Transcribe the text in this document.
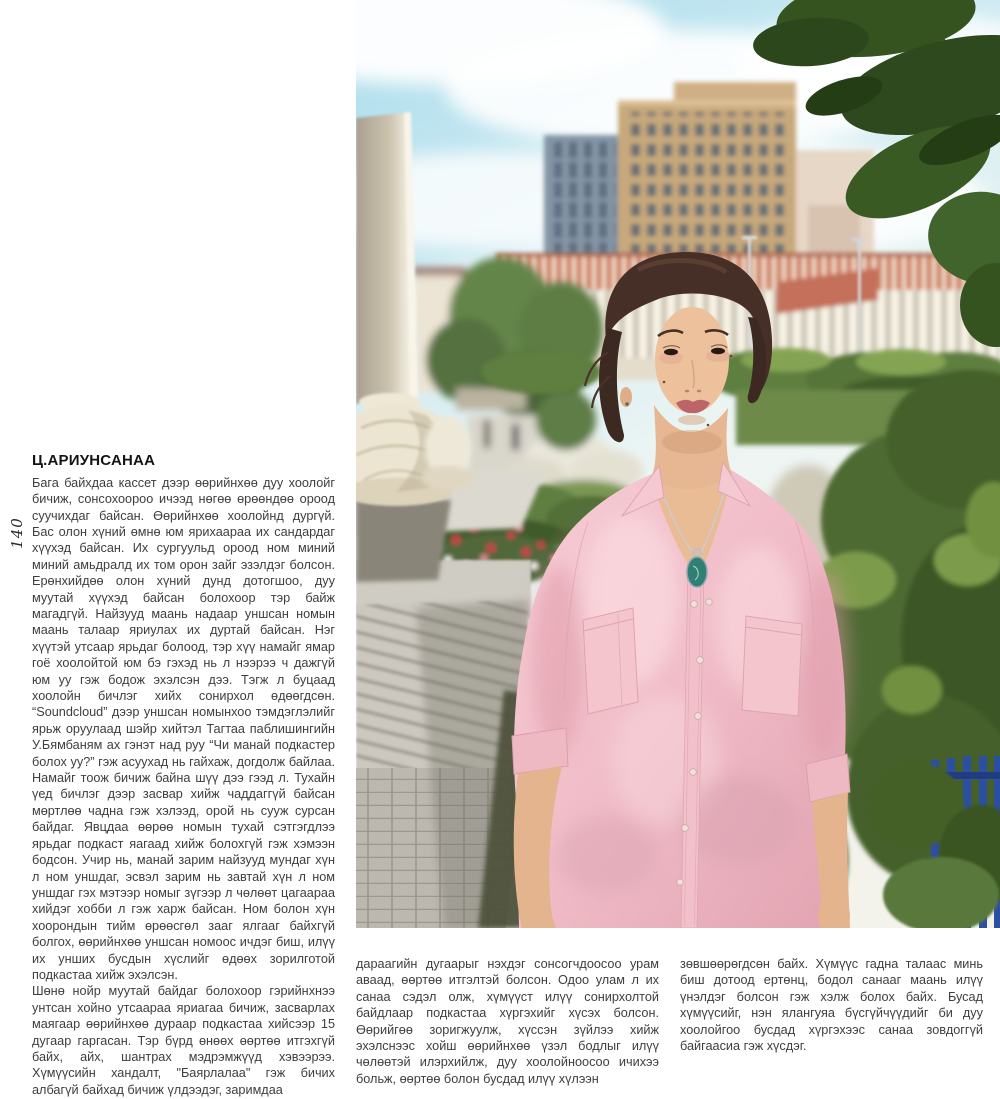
140
Ц.АРИУНСАНАА

Бага байхдаа кассет дээр өөрийнхөө дуу хоолойг бичиж, сонсохоороо ичээд нөгөө өрөөндөө ороод суучихдаг байсан. Өөрийнхөө хоолойнд дургүй. Бас олон хүний өмнө юм ярихаараа их сандардаг хүүхэд байсан. Их сургуульд ороод ном миний миний амьдралд их том орон зайг эзэлдэг болсон. Ерөнхийдөө олон хүний дунд дотогшоо, дуу муутай хүүхэд байсан болохоор тэр байж магадгүй. Найзууд маань надаар уншсан номын маань талаар яриулах их дуртай байсан. Нэг хүүтэй утсаар ярьдаг болоод, тэр хүү намайг ямар гоё хоолойтой юм бэ гэхэд нь л нээрээ ч дажгүй юм уу гэж бодож эхэлсэн дээ. Тэгж л буцаад хоолойн бичлэг хийх сонирхол өдөөгдсөн. “Soundcloud” дээр уншсан номынхоо тэмдэглэлийг ярьж оруулаад шэйр хийтэл Тагтаа паблишингийн У.Бямбаням ах гэнэт над руу “Чи манай подкастер болох уу?” гэж асуухад нь гайхаж, догдолж байлаа. Намайг тоож бичиж байна шүү дээ гээд л. Тухайн үед бичлэг дээр засвар хийж чаддаггүй байсан мөртлөө чадна гэж хэлээд, орой нь сууж сурсан байдаг. Явцдаа өөрөө номын тухай сэтгэгдлээ ярьдаг подкаст яагаад хийж болохгүй гэж хэмээн бодсон. Учир нь, манай зарим найзууд мундаг хүн л ном уншдаг, эсвэл зарим нь завтай хүн л ном уншдаг гэх мэтээр номыг зүгээр л чөлөөт цагаараа хийдэг хобби л гэж харж байсан. Ном болон хүн хоорондын тийм өрөөсгөл зааг ялгааг байхгүй болгох, өөрийнхөө уншсан номоос ичдэг биш, илүү их унших бусдын хүслийг өдөөх зорилготой подкастаа хийж эхэлсэн.

Шөнө нойр муутай байдаг болохоор гэрийнхнээ унтсан хойно утсаараа яриагаа бичиж, засварлах маягаар өөрийнхөө дураар подкастаа хийсээр 15 дугаар гаргасан. Тэр бүрд өнөөх өөртөө итгэхгүй байх, айх, шантрах мэдрэмжүүд хэвээрээ. Хүмүүсийн хандалт, "Баярлалаа" гэж бичих албагүй байхад бичиж үлдээдэг, заримдаа

дараагийн дугаарыг нэхдэг сонсогчдоосоо урам аваад, өөртөө итгэлтэй болсон. Одоо улам л их санаа сэдэл олж, хүмүүст илүү сонирхолтой байдлаар подкастаа хүргэхийг хүсэх болсон. Өөрийгөө зоригжуулж, хүссэн зүйлээ хийж эхэлснээс хойш өөрийнхөө үзэл бодлыг илүү чөлөөтэй илэрхийлж, дуу хоолойноосоо ичихээ больж, өөртөө болон бусдад илүү хүлээн

зөвшөөрөгдсөн байх. Хүмүүс гадна талаас минь биш дотоод ертөнц, бодол санааг маань илүү үнэлдэг болсон гэж хэлж болох байх. Бусад хүмүүсийг, нэн ялангуяа бүсгүйчүүдийг би дуу хоолойгоо бусдад хүргэхээс санаа зовдоггүй байгаасиа гэж хүсдэг.
